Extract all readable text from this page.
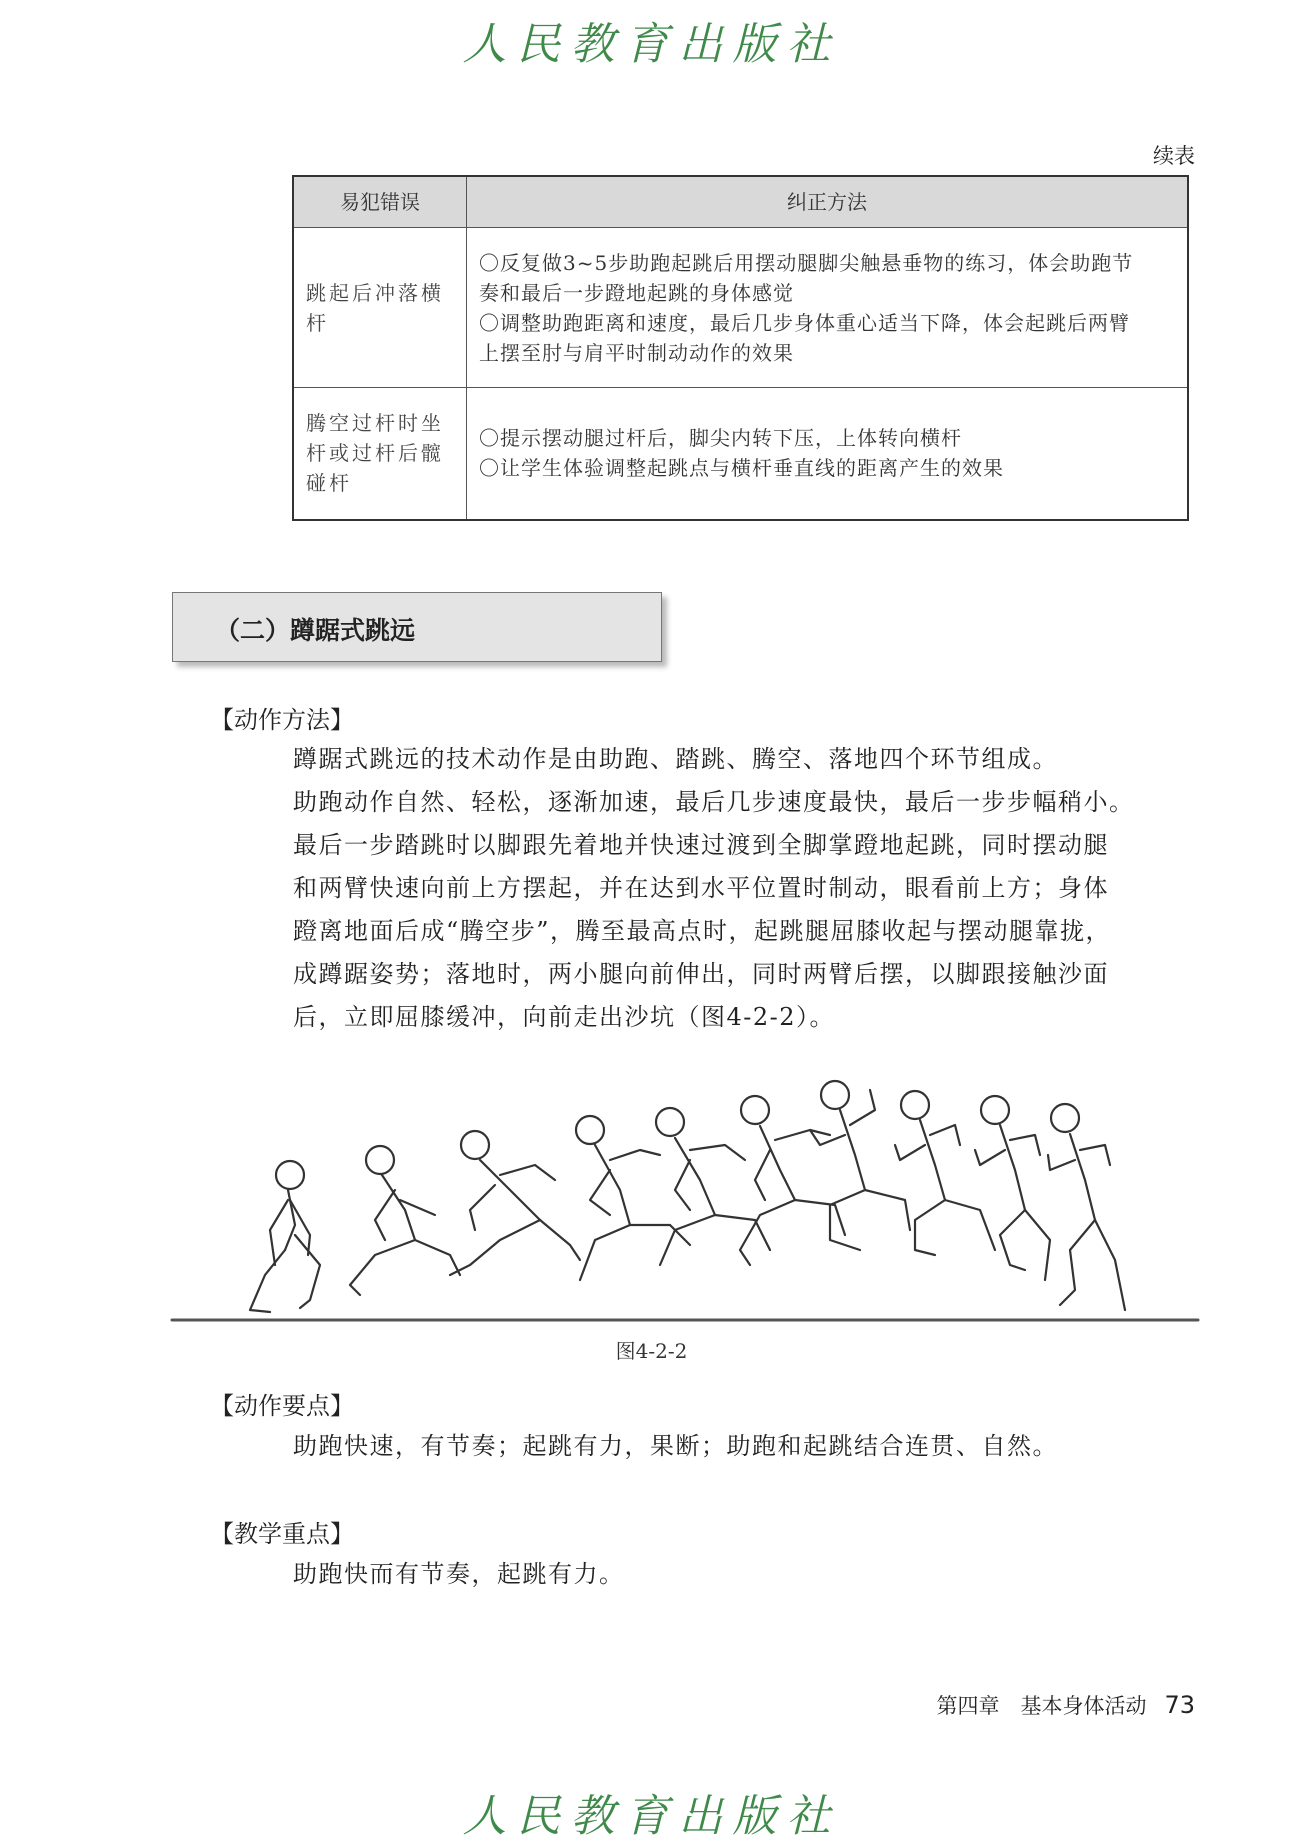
人民教育出版社
续表
易犯错误	纠正方法
跳起后冲落横杆	〇反复做3~5步助跑起跳后用摆动腿脚尖触悬垂物的练习，体会助跑节
奏和最后一步蹬地起跳的身体感觉
〇调整助跑距离和速度，最后几步身体重心适当下降，体会起跳后两臂
上摆至肘与肩平时制动动作的效果

腾空过杆时坐杆或过杆后髋碰杆	〇提示摆动腿过杆后，脚尖内转下压，上体转向横杆
〇让学生体验调整起跳点与横杆垂直线的距离产生的效果
（二）蹲踞式跳远
【动作方法】
蹲踞式跳远的技术动作是由助跑、踏跳、腾空、落地四个环节组成。
助跑动作自然、轻松，逐渐加速，最后几步速度最快，最后一步步幅稍小。
最后一步踏跳时以脚跟先着地并快速过渡到全脚掌蹬地起跳，同时摆动腿
和两臂快速向前上方摆起，并在达到水平位置时制动，眼看前上方；身体
蹬离地面后成“腾空步”，腾至最高点时，起跳腿屈膝收起与摆动腿靠拢，
成蹲踞姿势；落地时，两小腿向前伸出，同时两臂后摆，以脚跟接触沙面
后，立即屈膝缓冲，向前走出沙坑（图4-2-2）。
图4-2-2
【动作要点】
助跑快速，有节奏；起跳有力，果断；助跑和起跳结合连贯、自然。
【教学重点】
助跑快而有节奏，起跳有力。
第四章　基本身体活动 73
人民教育出版社
